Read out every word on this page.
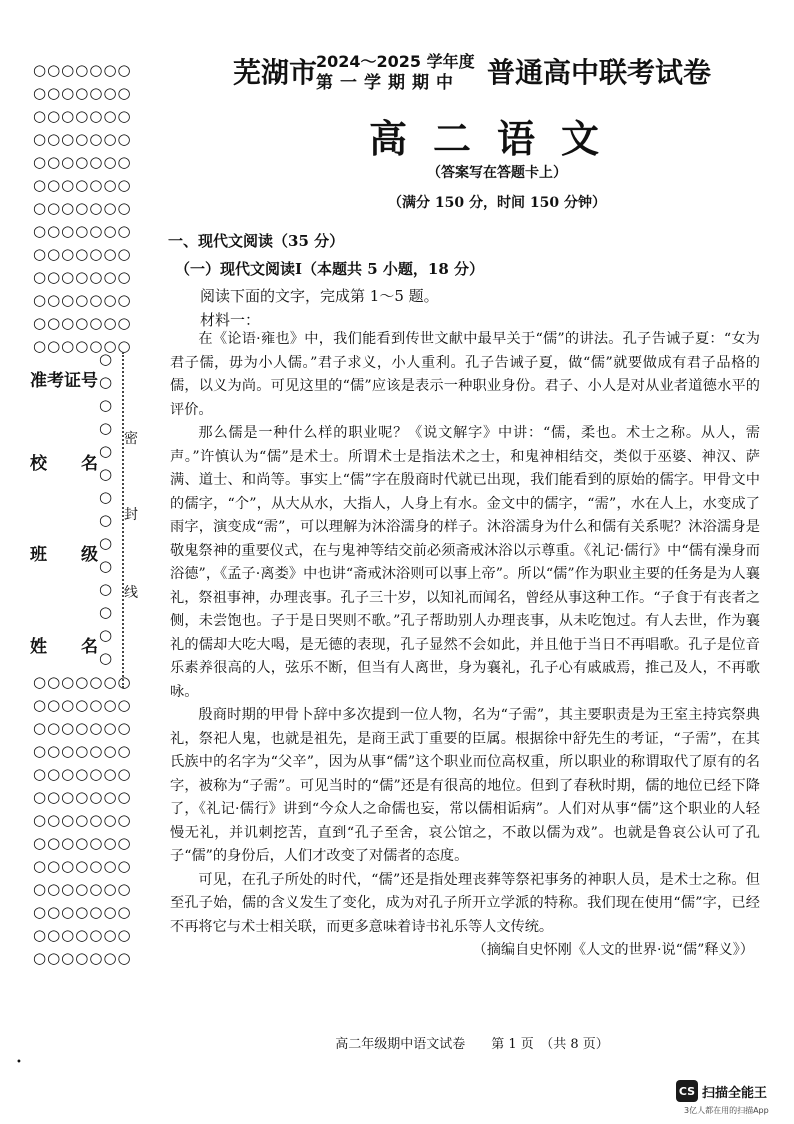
○○○○○○○
○○○○○○○
○○○○○○○
○○○○○○○
○○○○○○○
○○○○○○○
○○○○○○○
○○○○○○○
○○○○○○○
○○○○○○○
○○○○○○○
○○○○○○○
○○○○○○○
○
○
○
○
○
○
○
○
○
○
○
○
○
○
准考证号
校　　名
班　　级
姓　　名
密
封
线
○○○○○○○
○○○○○○○
○○○○○○○
○○○○○○○
○○○○○○○
○○○○○○○
○○○○○○○
○○○○○○○
○○○○○○○
○○○○○○○
○○○○○○○
○○○○○○○
○○○○○○○
芜湖市
2024～2025 学年度
第一学期期中 普通高中联考试卷
高二语文
（答案写在答题卡上）
（满分 150 分，时间 150 分钟）
一、现代文阅读（35 分）
（一）现代文阅读Ⅰ（本题共 5 小题，18 分）
阅读下面的文字，完成第 1～5 题。
材料一：

在《论语·雍也》中，我们能看到传世文献中最早关于“儒”的讲法。孔子告诫子夏：“女为君子儒，毋为小人儒。”君子求义，小人重利。孔子告诫子夏，做“儒”就要做成有君子品格的儒，以义为尚。可见这里的“儒”应该是表示一种职业身份。君子、小人是对从业者道德水平的评价。

那么儒是一种什么样的职业呢？《说文解字》中讲：“儒，柔也。术士之称。从人，需声。”许慎认为“儒”是术士。所谓术士是指法术之士，和鬼神相结交，类似于巫婆、神汉、萨满、道士、和尚等。事实上“儒”字在殷商时代就已出现，我们能看到的原始的儒字。甲骨文中的儒字，“𠆤”，从大从水，大指人，人身上有水。金文中的儒字，“需”，水在人上，水变成了雨字，演变成“需”，可以理解为沐浴濡身的样子。沐浴濡身为什么和儒有关系呢？沐浴濡身是敬鬼祭神的重要仪式，在与鬼神等结交前必须斋戒沐浴以示尊重。《礼记·儒行》中“儒有澡身而浴德”，《孟子·离娄》中也讲“斋戒沐浴则可以事上帝”。所以“儒”作为职业主要的任务是为人襄礼，祭祖事神，办理丧事。孔子三十岁，以知礼而闻名，曾经从事这种工作。“子食于有丧者之侧，未尝饱也。子于是日哭则不歌。”孔子帮助别人办理丧事，从未吃饱过。有人去世，作为襄礼的儒却大吃大喝，是无德的表现，孔子显然不会如此，并且他于当日不再唱歌。孔子是位音乐素养很高的人，弦乐不断，但当有人离世，身为襄礼，孔子心有戚戚焉，推己及人，不再歌咏。

殷商时期的甲骨卜辞中多次提到一位人物，名为“子需”，其主要职责是为王室主持宾祭典礼，祭祀人鬼，也就是祖先，是商王武丁重要的臣属。根据徐中舒先生的考证，“子需”，在其氏族中的名字为“父辛”，因为从事“儒”这个职业而位高权重，所以职业的称谓取代了原有的名字，被称为“子需”。可见当时的“儒”还是有很高的地位。但到了春秋时期，儒的地位已经下降了，《礼记·儒行》讲到“今众人之命儒也妄，常以儒相诟病”。人们对从事“儒”这个职业的人轻慢无礼，并讥刺挖苦，直到“孔子至舍，哀公馆之，不敢以儒为戏”。也就是鲁哀公认可了孔子“儒”的身份后，人们才改变了对儒者的态度。

可见，在孔子所处的时代，“儒”还是指处理丧葬等祭祀事务的神职人员，是术士之称。但至孔子始，儒的含义发生了变化，成为对孔子所开立学派的特称。我们现在使用“儒”字，已经不再将它与术士相关联，而更多意味着诗书礼乐等人文传统。

（摘编自史怀刚《人文的世界·说“儒”释义》）
高二年级期中语文试卷　　第 1 页　（共 8 页）
•
CS 扫描全能王
3亿人都在用的扫描App
